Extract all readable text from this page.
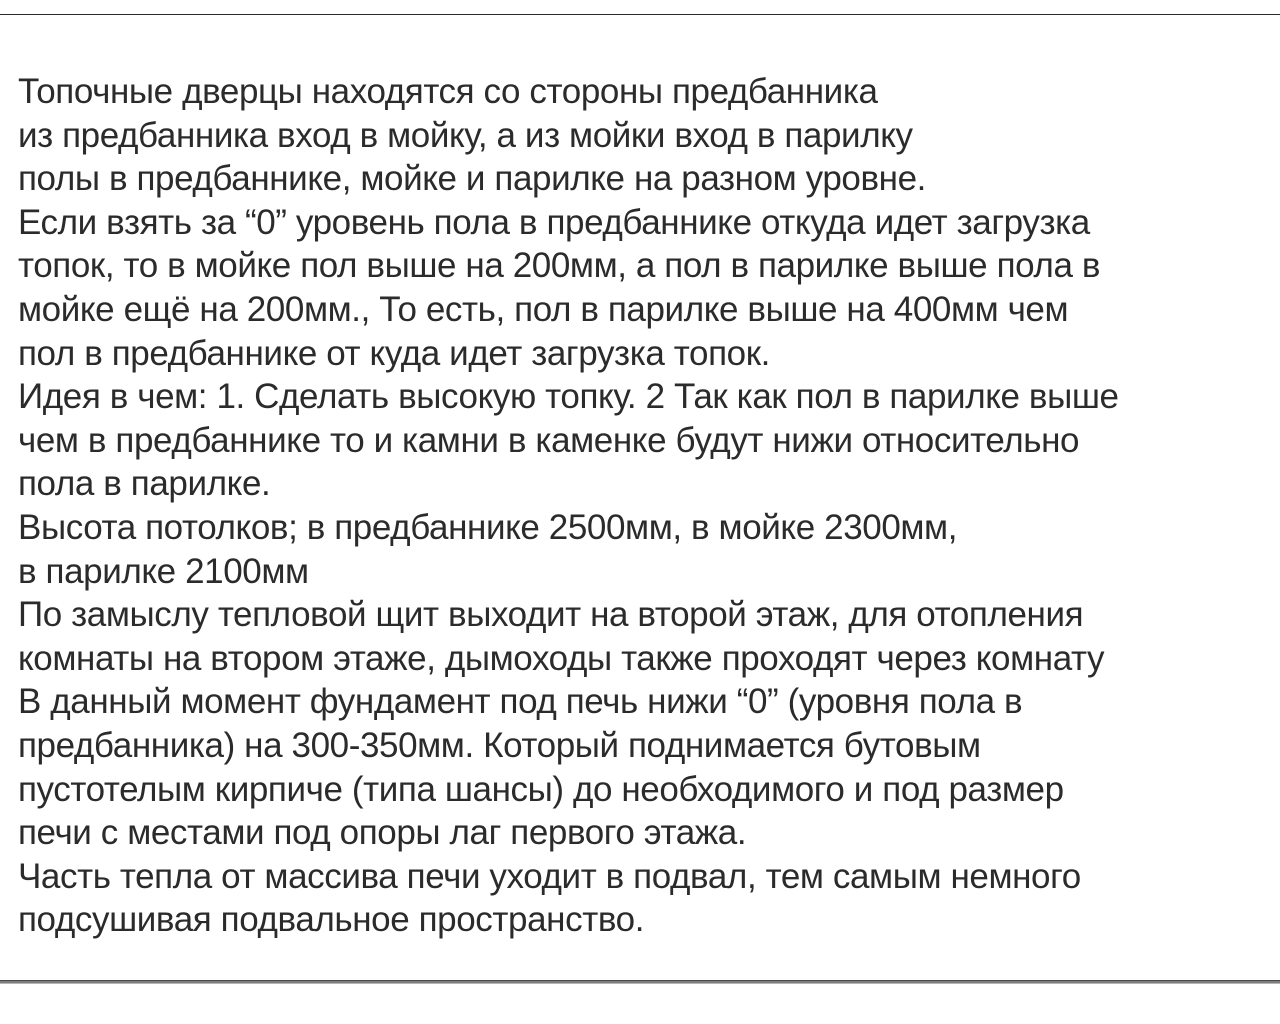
Топочные дверцы находятся со стороны предбанника
из предбанника вход в мойку, а из мойки вход в парилку
полы в предбаннике, мойке и парилке на разном уровне.
Если взять за “0” уровень пола в предбаннике откуда идет загрузка
топок, то в мойке пол выше на 200мм, а пол в парилке выше пола в
мойке ещё на 200мм., То есть, пол в парилке выше на 400мм чем
пол в предбаннике от куда идет загрузка топок.
Идея в чем: 1. Сделать высокую топку. 2 Так как пол в парилке выше
чем в предбаннике то и камни в каменке будут нижи относительно
пола в парилке.
Высота потолков; в предбаннике 2500мм, в мойке 2300мм,
в парилке 2100мм
По замыслу тепловой щит выходит на второй этаж, для отопления
комнаты на втором этаже, дымоходы также проходят через комнату
В данный момент фундамент под печь нижи “0” (уровня пола в
предбанника) на 300-350мм. Который поднимается бутовым
пустотелым кирпиче (типа шансы) до необходимого и под размер
печи с местами под опоры лаг первого этажа.
Часть тепла от массива печи уходит в подвал, тем самым немного
подсушивая подвальное пространство.
